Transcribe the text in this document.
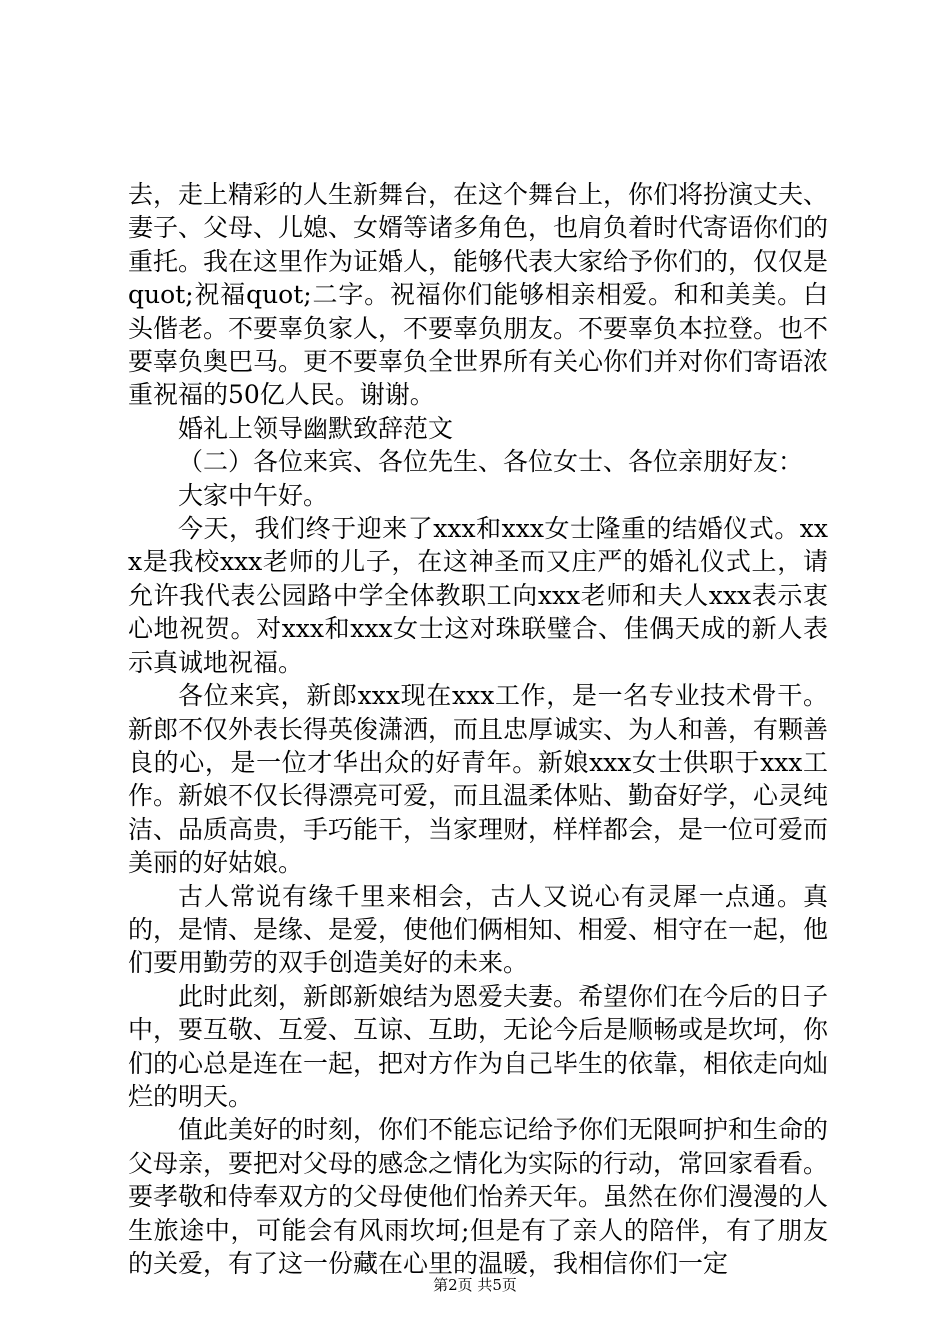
去，走上精彩的人生新舞台，在这个舞台上，你们将扮演丈夫、妻子、父母、儿媳、女婿等诸多角色，也肩负着时代寄语你们的重托。我在这里作为证婚人，能够代表大家给予你们的，仅仅是quot;祝福quot;二字。祝福你们能够相亲相爱。和和美美。白头偕老。不要辜负家人，不要辜负朋友。不要辜负本拉登。也不要辜负奥巴马。更不要辜负全世界所有关心你们并对你们寄语浓重祝福的50亿人民。谢谢。

婚礼上领导幽默致辞范文

（二）各位来宾、各位先生、各位女士、各位亲朋好友：

大家中午好。

今天，我们终于迎来了xxx和xxx女士隆重的结婚仪式。xxx是我校xxx老师的儿子，在这神圣而又庄严的婚礼仪式上，请允许我代表公园路中学全体教职工向xxx老师和夫人xxx表示衷心地祝贺。对xxx和xxx女士这对珠联璧合、佳偶天成的新人表示真诚地祝福。

各位来宾，新郎xxx现在xxx工作，是一名专业技术骨干。新郎不仅外表长得英俊潇洒，而且忠厚诚实、为人和善，有颗善良的心，是一位才华出众的好青年。新娘xxx女士供职于xxx工作。新娘不仅长得漂亮可爱，而且温柔体贴、勤奋好学，心灵纯洁、品质高贵，手巧能干，当家理财，样样都会，是一位可爱而美丽的好姑娘。

古人常说有缘千里来相会，古人又说心有灵犀一点通。真的，是情、是缘、是爱，使他们俩相知、相爱、相守在一起，他们要用勤劳的双手创造美好的未来。

此时此刻，新郎新娘结为恩爱夫妻。希望你们在今后的日子中，要互敬、互爱、互谅、互助，无论今后是顺畅或是坎坷，你们的心总是连在一起，把对方作为自己毕生的依靠，相依走向灿烂的明天。

值此美好的时刻，你们不能忘记给予你们无限呵护和生命的父母亲，要把对父母的感念之情化为实际的行动，常回家看看。要孝敬和侍奉双方的父母使他们怡养天年。虽然在你们漫漫的人生旅途中，可能会有风雨坎坷;但是有了亲人的陪伴，有了朋友的关爱，有了这一份藏在心里的温暖，我相信你们一定

第2页 共5页
